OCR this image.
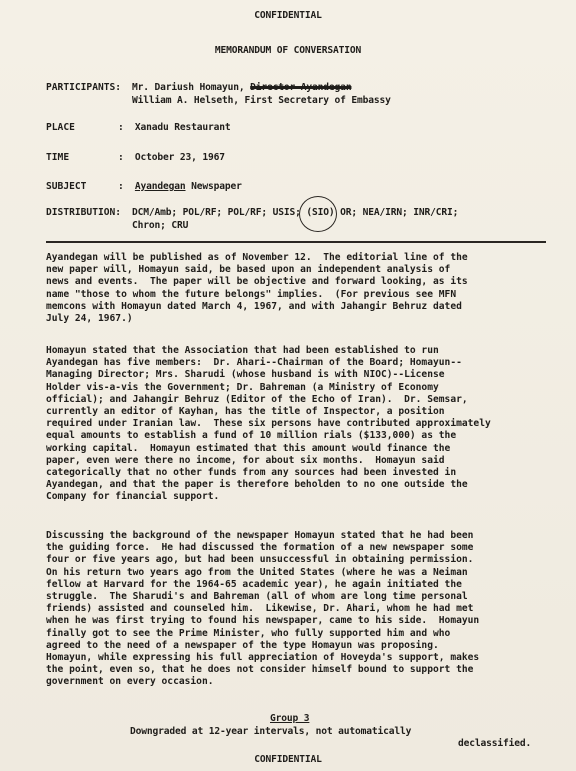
CONFIDENTIAL
MEMORANDUM OF CONVERSATION
PARTICIPANTS: Mr. Dariush Homayun, Director Ayandegan
William A. Helseth, First Secretary of Embassy
PLACE	:  Xanadu Restaurant
TIME	:  October 23, 1967
SUBJECT	:  Ayandegan Newspaper
DISTRIBUTION: DCM/Amb; POL/RF; POL/RF; USIS; (SIO) OR; NEA/IRN; INR/CRI;
Chron; CRU
Ayandegan will be published as of November 12.  The editorial line of the
new paper will, Homayun said, be based upon an independent analysis of
news and events.  The paper will be objective and forward looking, as its
name "those to whom the future belongs" implies.  (For previous see MFN
memcons with Homayun dated March 4, 1967, and with Jahangir Behruz dated
July 24, 1967.)
Homayun stated that the Association that had been established to run
Ayandegan has five members:  Dr. Ahari--Chairman of the Board; Homayun--
Managing Director; Mrs. Sharudi (whose husband is with NIOC)--License
Holder vis-a-vis the Government; Dr. Bahreman (a Ministry of Economy
official); and Jahangir Behruz (Editor of the Echo of Iran).  Dr. Semsar,
currently an editor of Kayhan, has the title of Inspector, a position
required under Iranian law.  These six persons have contributed approximately
equal amounts to establish a fund of 10 million rials ($133,000) as the
working capital.  Homayun estimated that this amount would finance the
paper, even were there no income, for about six months.  Homayun said
categorically that no other funds from any sources had been invested in
Ayandegan, and that the paper is therefore beholden to no one outside the
Company for financial support.
Discussing the background of the newspaper Homayun stated that he had been
the guiding force.  He had discussed the formation of a new newspaper some
four or five years ago, but had been unsuccessful in obtaining permission.
On his return two years ago from the United States (where he was a Neiman
fellow at Harvard for the 1964-65 academic year), he again initiated the
struggle.  The Sharudi's and Bahreman (all of whom are long time personal
friends) assisted and counseled him.  Likewise, Dr. Ahari, whom he had met
when he was first trying to found his newspaper, came to his side.  Homayun
finally got to see the Prime Minister, who fully supported him and who
agreed to the need of a newspaper of the type Homayun was proposing.
Homayun, while expressing his full appreciation of Hoveyda's support, makes
the point, even so, that he does not consider himself bound to support the
government on every occasion.
Group 3
Downgraded at 12-year intervals, not automatically
declassified.
CONFIDENTIAL
